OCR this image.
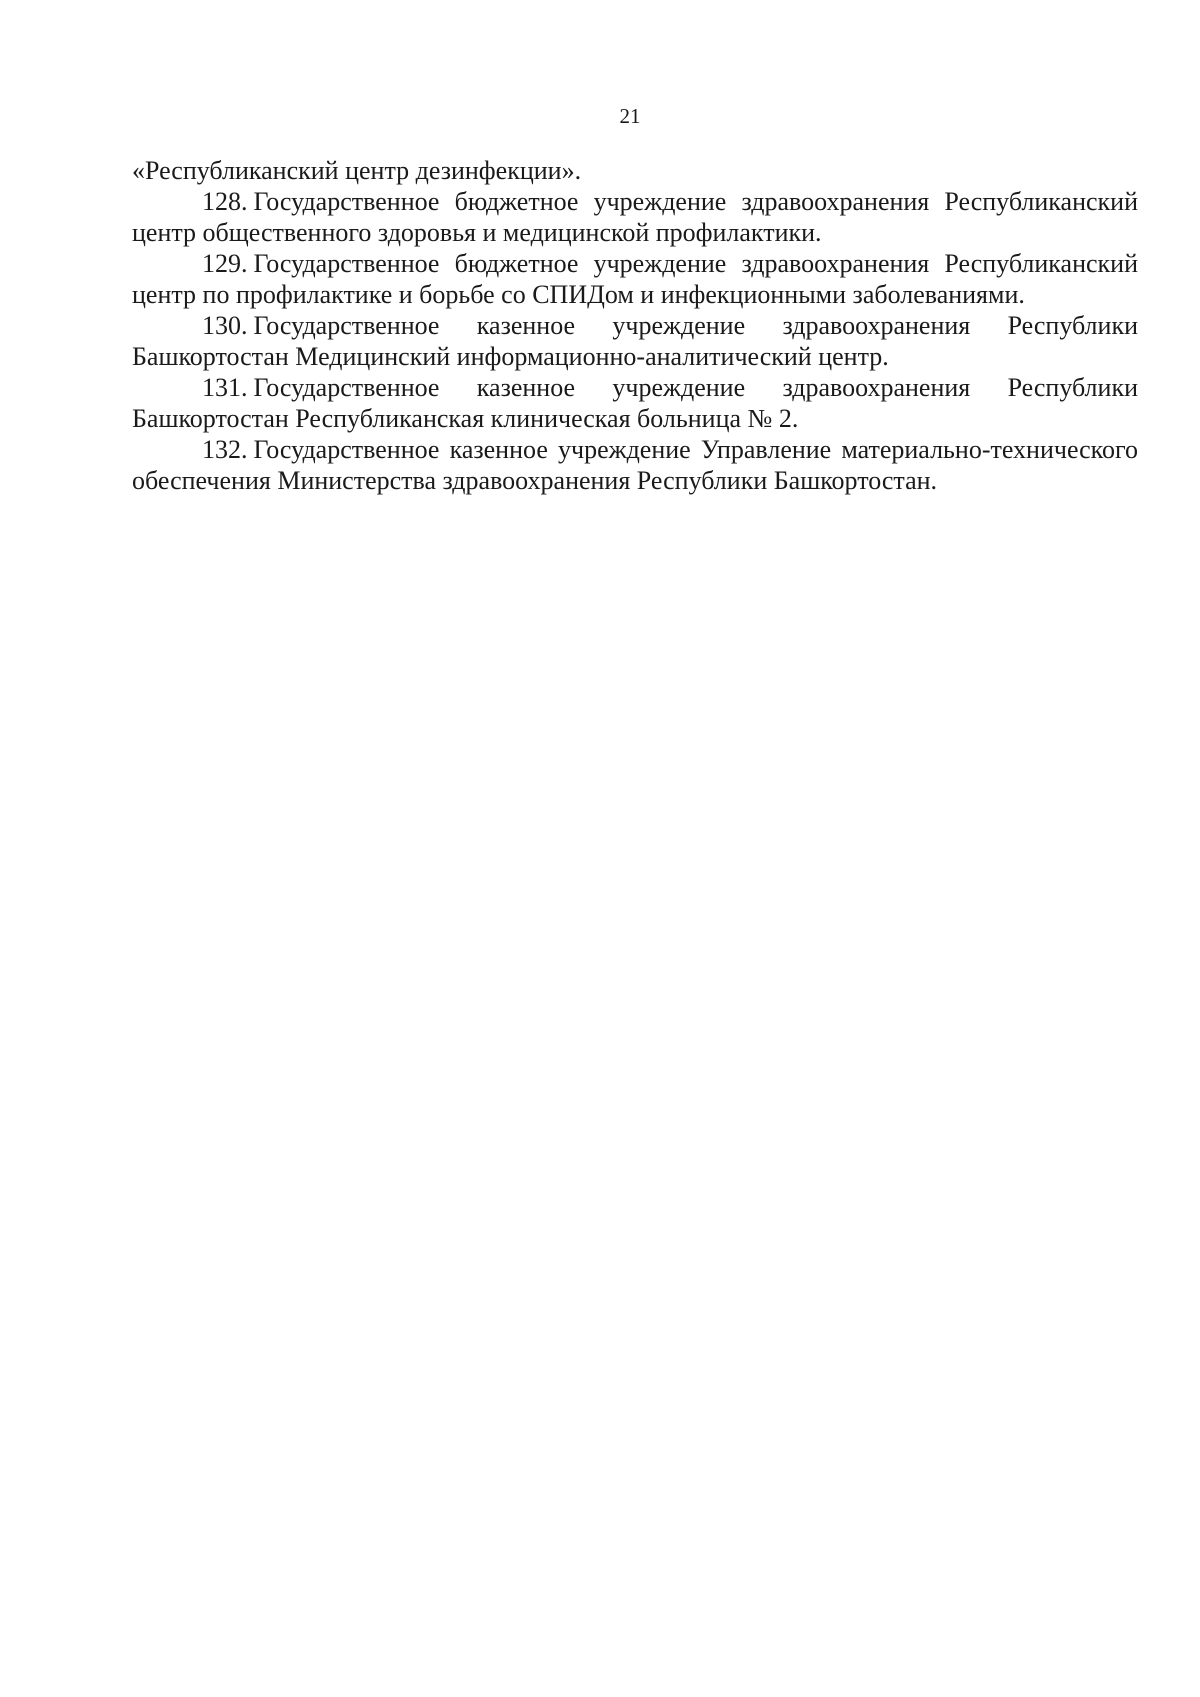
21

«Республиканский центр дезинфекции».

128. Государственное бюджетное учреждение здравоохранения Республиканский центр общественного здоровья и медицинской профилактики.

129. Государственное бюджетное учреждение здравоохранения Республиканский центр по профилактике и борьбе со СПИДом и инфекционными заболеваниями.

130. Государственное казенное учреждение здравоохранения Республики Башкортостан Медицинский информационно-аналитический центр.

131. Государственное казенное учреждение здравоохранения Республики Башкортостан Республиканская клиническая больница № 2.

132. Государственное казенное учреждение Управление материально-технического обеспечения Министерства здравоохранения Республики Башкортостан.
